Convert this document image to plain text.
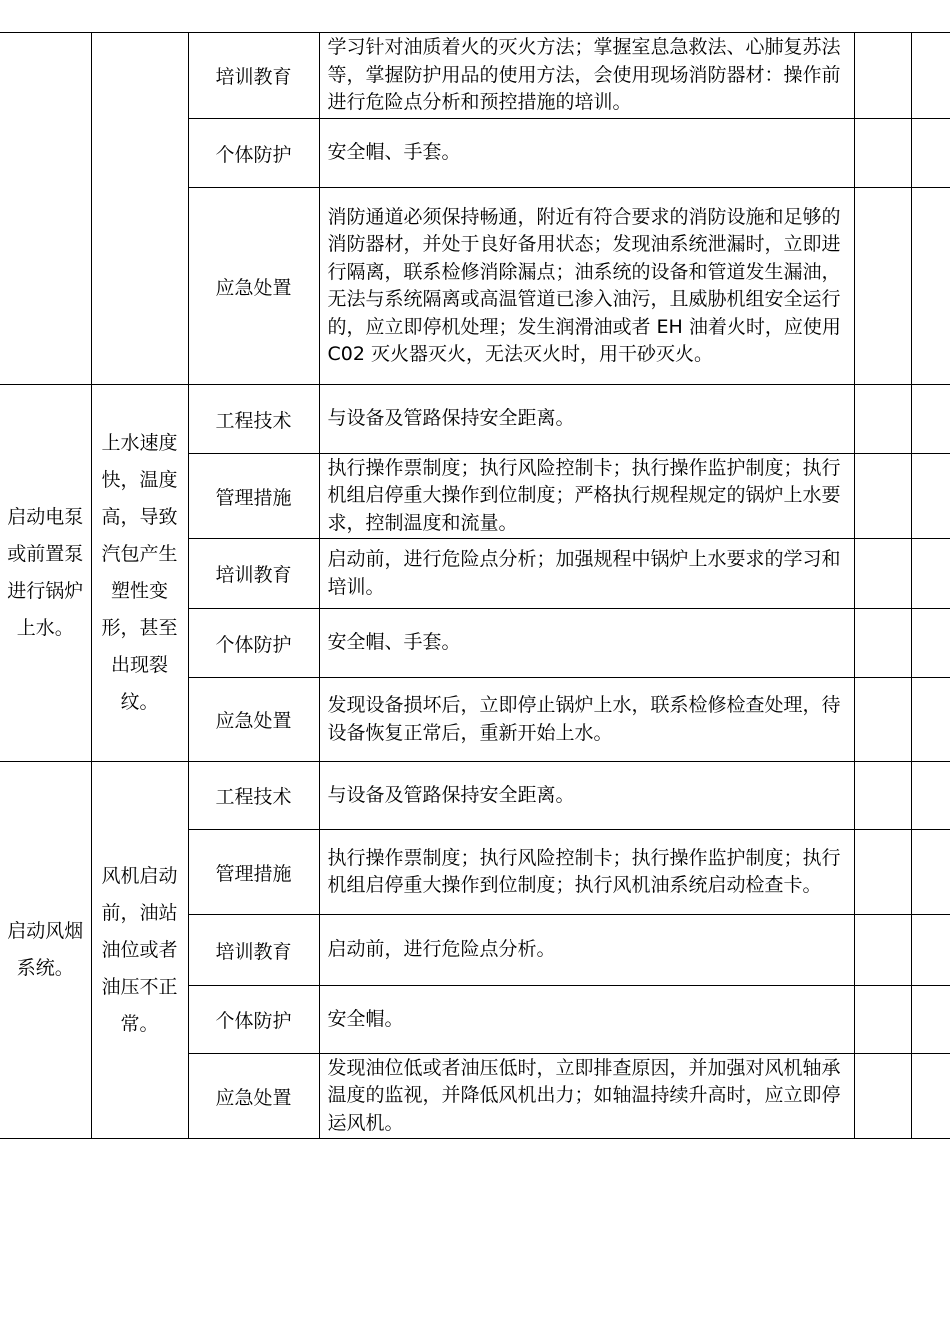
		培训教育	学习针对油质着火的灭火方法；掌握室息急救法、心肺复苏法等，掌握防护用品的使用方法，会使用现场消防器材：操作前进行危险点分析和预控措施的培训。		
		个体防护	安全帽、手套。		
		应急处置	消防通道必须保持畅通，附近有符合要求的消防设施和足够的消防器材，并处于良好备用状态；发现油系统泄漏时，立即进行隔离，联系检修消除漏点；油系统的设备和管道发生漏油，无法与系统隔离或高温管道已渗入油污，且威胁机组安全运行的，应立即停机处理；发生润滑油或者 EH 油着火时，应使用 C02 灭火器灭火，无法灭火时，用干砂灭火。		
启动电泵或前置泵进行锅炉上水。	上水速度快，温度高，导致汽包产生塑性变形，甚至出现裂纹。	工程技术	与设备及管路保持安全距离。		
		管理措施	执行操作票制度；执行风险控制卡；执行操作监护制度；执行机组启停重大操作到位制度；严格执行规程规定的锅炉上水要求，控制温度和流量。		
		培训教育	启动前，进行危险点分析；加强规程中锅炉上水要求的学习和培训。		
		个体防护	安全帽、手套。		
		应急处置	发现设备损坏后，立即停止锅炉上水，联系检修检查处理，待设备恢复正常后，重新开始上水。		
启动风烟系统。	风机启动前，油站油位或者油压不正常。	工程技术	与设备及管路保持安全距离。		
		管理措施	执行操作票制度；执行风险控制卡；执行操作监护制度；执行机组启停重大操作到位制度；执行风机油系统启动检查卡。		
		培训教育	启动前，进行危险点分析。		
		个体防护	安全帽。		
		应急处置	发现油位低或者油压低时，立即排查原因，并加强对风机轴承温度的监视，并降低风机出力；如轴温持续升高时，应立即停运风机。		
